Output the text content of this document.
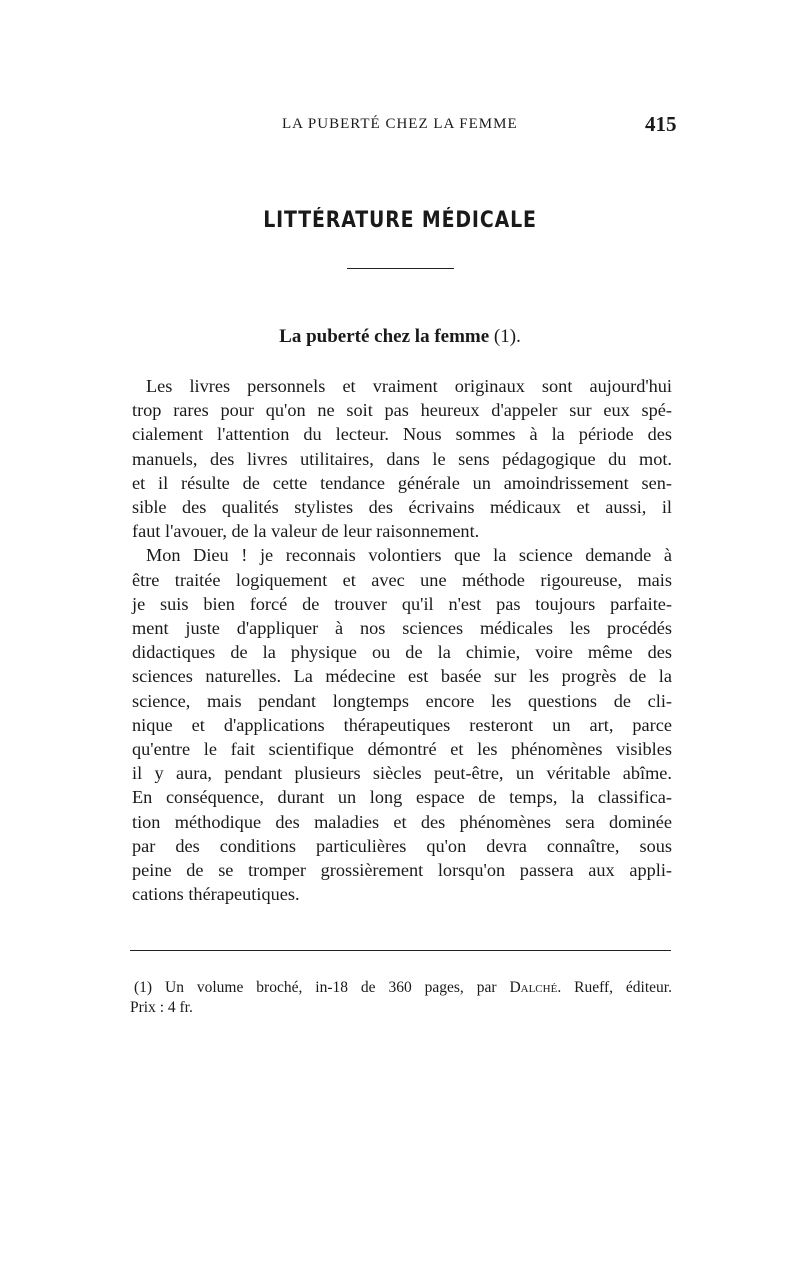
LA PUBERTÉ CHEZ LA FEMME	415
LITTÉRATURE MÉDICALE
La puberté chez la femme (1).
Les livres personnels et vraiment originaux sont aujourd'hui
trop rares pour qu'on ne soit pas heureux d'appeler sur eux spé-
cialement l'attention du lecteur. Nous sommes à la période des
manuels, des livres utilitaires, dans le sens pédagogique du mot.
et il résulte de cette tendance générale un amoindrissement sen-
sible des qualités stylistes des écrivains médicaux et aussi, il
faut l'avouer, de la valeur de leur raisonnement.
Mon Dieu ! je reconnais volontiers que la science demande à
être traitée logiquement et avec une méthode rigoureuse, mais
je suis bien forcé de trouver qu'il n'est pas toujours parfaite-
ment juste d'appliquer à nos sciences médicales les procédés
didactiques de la physique ou de la chimie, voire même des
sciences naturelles. La médecine est basée sur les progrès de la
science, mais pendant longtemps encore les questions de cli-
nique et d'applications thérapeutiques resteront un art, parce
qu'entre le fait scientifique démontré et les phénomènes visibles
il y aura, pendant plusieurs siècles peut-être, un véritable abîme.
En conséquence, durant un long espace de temps, la classifica-
tion méthodique des maladies et des phénomènes sera dominée
par des conditions particulières qu'on devra connaître, sous
peine de se tromper grossièrement lorsqu'on passera aux appli-
cations thérapeutiques.
(1) Un volume broché, in-18 de 360 pages, par Dalché. Rueff, éditeur.
Prix : 4 fr.
